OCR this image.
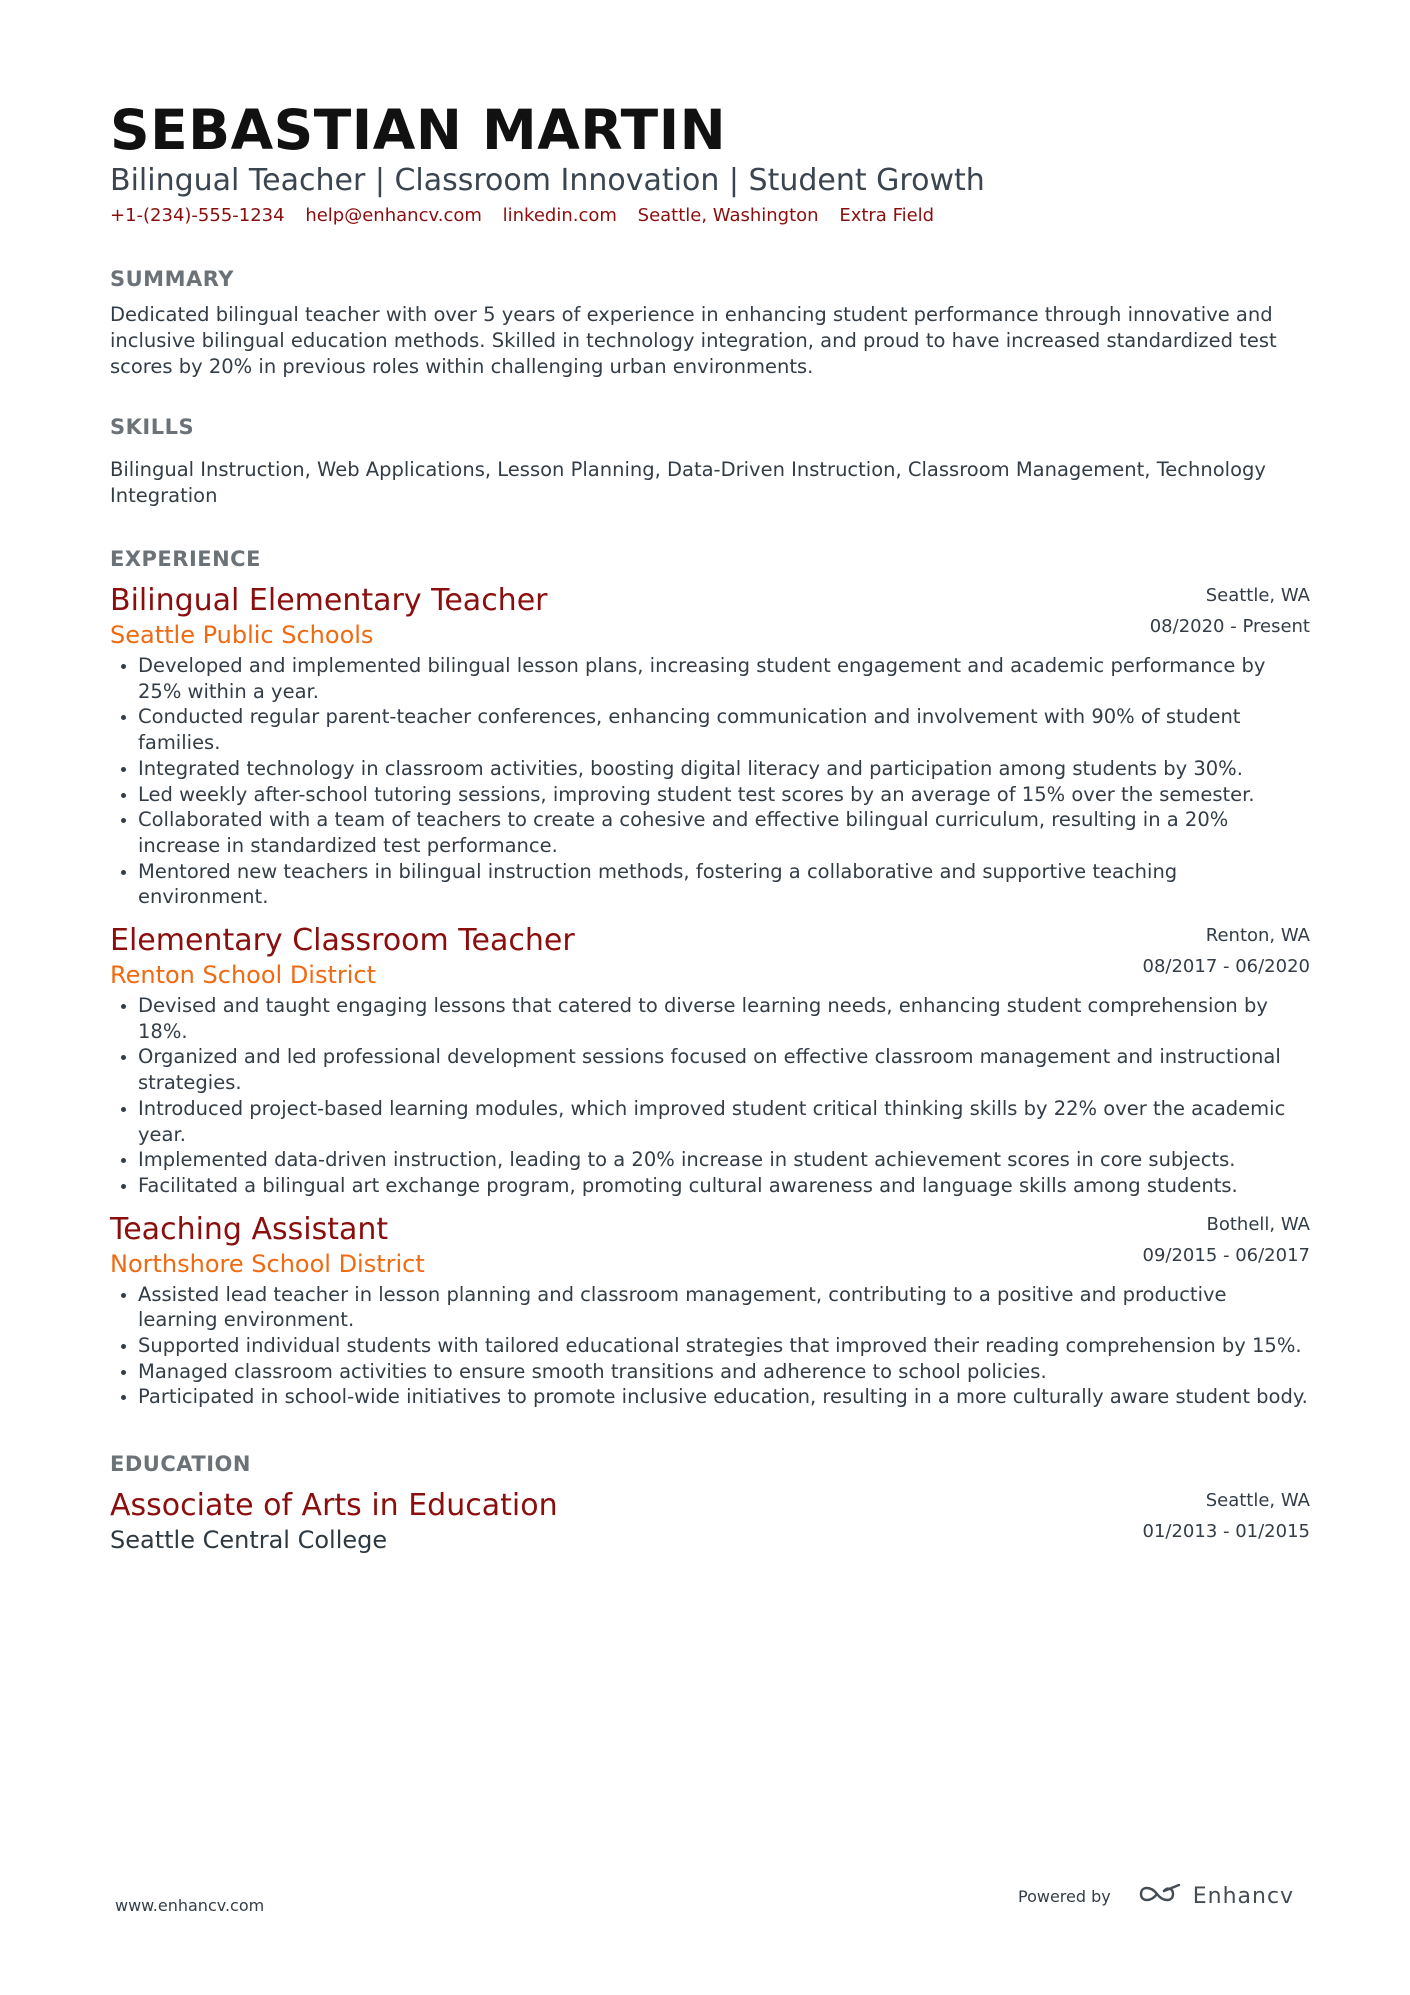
SEBASTIAN MARTIN
Bilingual Teacher | Classroom Innovation | Student Growth
+1-(234)-555-1234 help@enhancv.com linkedin.com Seattle, Washington Extra Field
SUMMARY
Dedicated bilingual teacher with over 5 years of experience in enhancing student performance through innovative and inclusive bilingual education methods. Skilled in technology integration, and proud to have increased standardized test scores by 20% in previous roles within challenging urban environments.
SKILLS
Bilingual Instruction, Web Applications, Lesson Planning, Data-Driven Instruction, Classroom Management, Technology Integration
EXPERIENCE
Bilingual Elementary Teacher
Seattle Public Schools
Seattle, WA
08/2020 - Present
• Developed and implemented bilingual lesson plans, increasing student engagement and academic performance by 25% within a year.
• Conducted regular parent-teacher conferences, enhancing communication and involvement with 90% of student families.
• Integrated technology in classroom activities, boosting digital literacy and participation among students by 30%.
• Led weekly after-school tutoring sessions, improving student test scores by an average of 15% over the semester.
• Collaborated with a team of teachers to create a cohesive and effective bilingual curriculum, resulting in a 20% increase in standardized test performance.
• Mentored new teachers in bilingual instruction methods, fostering a collaborative and supportive teaching environment.
Elementary Classroom Teacher
Renton School District
Renton, WA
08/2017 - 06/2020
• Devised and taught engaging lessons that catered to diverse learning needs, enhancing student comprehension by 18%.
• Organized and led professional development sessions focused on effective classroom management and instructional strategies.
• Introduced project-based learning modules, which improved student critical thinking skills by 22% over the academic year.
• Implemented data-driven instruction, leading to a 20% increase in student achievement scores in core subjects.
• Facilitated a bilingual art exchange program, promoting cultural awareness and language skills among students.
Teaching Assistant
Northshore School District
Bothell, WA
09/2015 - 06/2017
• Assisted lead teacher in lesson planning and classroom management, contributing to a positive and productive learning environment.
• Supported individual students with tailored educational strategies that improved their reading comprehension by 15%.
• Managed classroom activities to ensure smooth transitions and adherence to school policies.
• Participated in school-wide initiatives to promote inclusive education, resulting in a more culturally aware student body.
EDUCATION
Associate of Arts in Education
Seattle Central College
Seattle, WA
01/2013 - 01/2015
www.enhancv.com	Powered by	Enhancv
